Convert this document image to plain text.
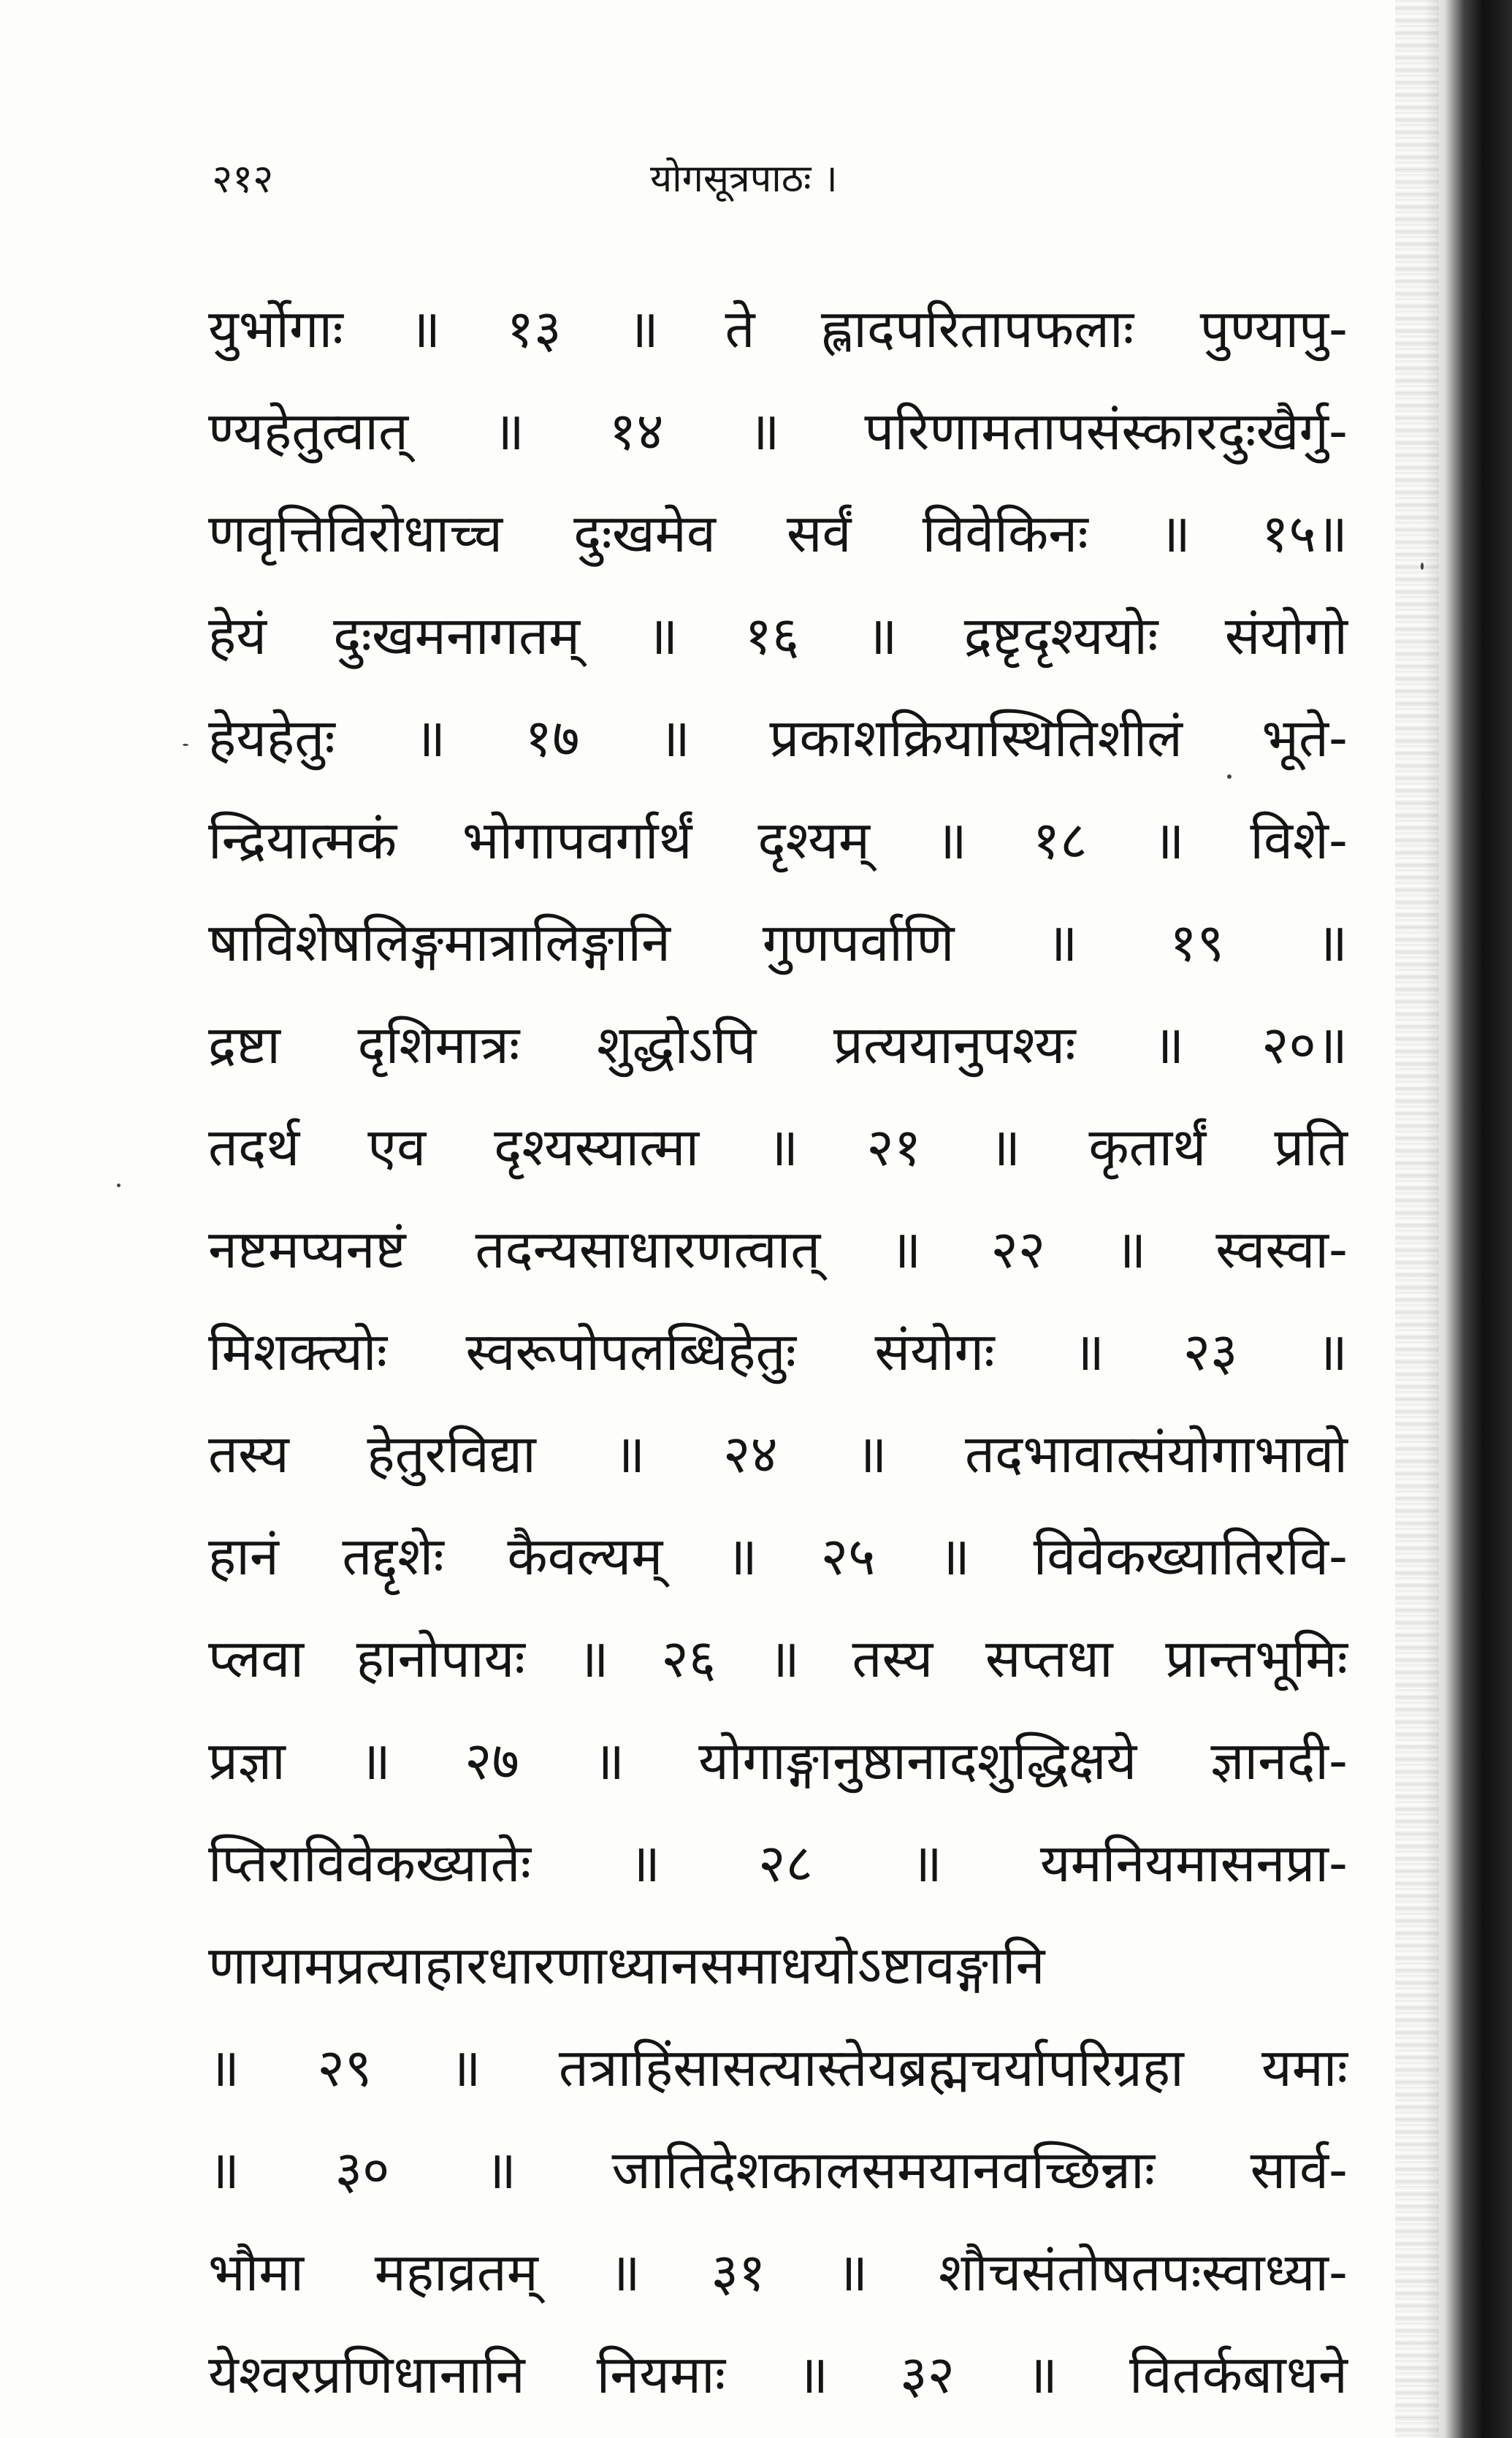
२१२	योगसूत्रपाठः ।
युर्भोगाः ॥ १३ ॥ ते ह्लादपरितापफलाः पुण्यापु-
ण्यहेतुत्वात् ॥ १४ ॥ परिणामतापसंस्कारदुःखैर्गु-
णवृत्तिविरोधाच्च दुःखमेव सर्वं विवेकिनः ॥ १५॥
हेयं दुःखमनागतम् ॥ १६ ॥ द्रष्टृदृश्ययोः संयोगो
हेयहेतुः ॥ १७ ॥ प्रकाशक्रियास्थितिशीलं भूते-
न्द्रियात्मकं भोगापवर्गार्थं दृश्यम् ॥ १८ ॥ विशे-
षाविशेषलिङ्गमात्रालिङ्गानि गुणपर्वाणि ॥ १९ ॥
द्रष्टा दृशिमात्रः शुद्धोऽपि प्रत्ययानुपश्यः ॥ २०॥
तदर्थ एव दृश्यस्यात्मा ॥ २१ ॥ कृतार्थं प्रति
नष्टमप्यनष्टं तदन्यसाधारणत्वात् ॥ २२ ॥ स्वस्वा-
मिशक्त्योः स्वरूपोपलब्धिहेतुः संयोगः ॥ २३ ॥
तस्य हेतुरविद्या ॥ २४ ॥ तदभावात्संयोगाभावो
हानं तद्दृशेः कैवल्यम् ॥ २५ ॥ विवेकख्यातिरवि-
प्लवा हानोपायः ॥ २६ ॥ तस्य सप्तधा प्रान्तभूमिः
प्रज्ञा ॥ २७ ॥ योगाङ्गानुष्ठानादशुद्धिक्षये ज्ञानदी-
प्तिराविवेकख्यातेः ॥ २८ ॥ यमनियमासनप्रा-
णायामप्रत्याहारधारणाध्यानसमाधयोऽष्टावङ्गानि
॥ २९ ॥ तत्राहिंसासत्यास्तेयब्रह्मचर्यापरिग्रहा यमाः
॥ ३० ॥ जातिदेशकालसमयानवच्छिन्नाः सार्व-
भौमा महाव्रतम् ॥ ३१ ॥ शौचसंतोषतपःस्वाध्या-
येश्वरप्रणिधानानि नियमाः ॥ ३२ ॥ वितर्कबाधने
